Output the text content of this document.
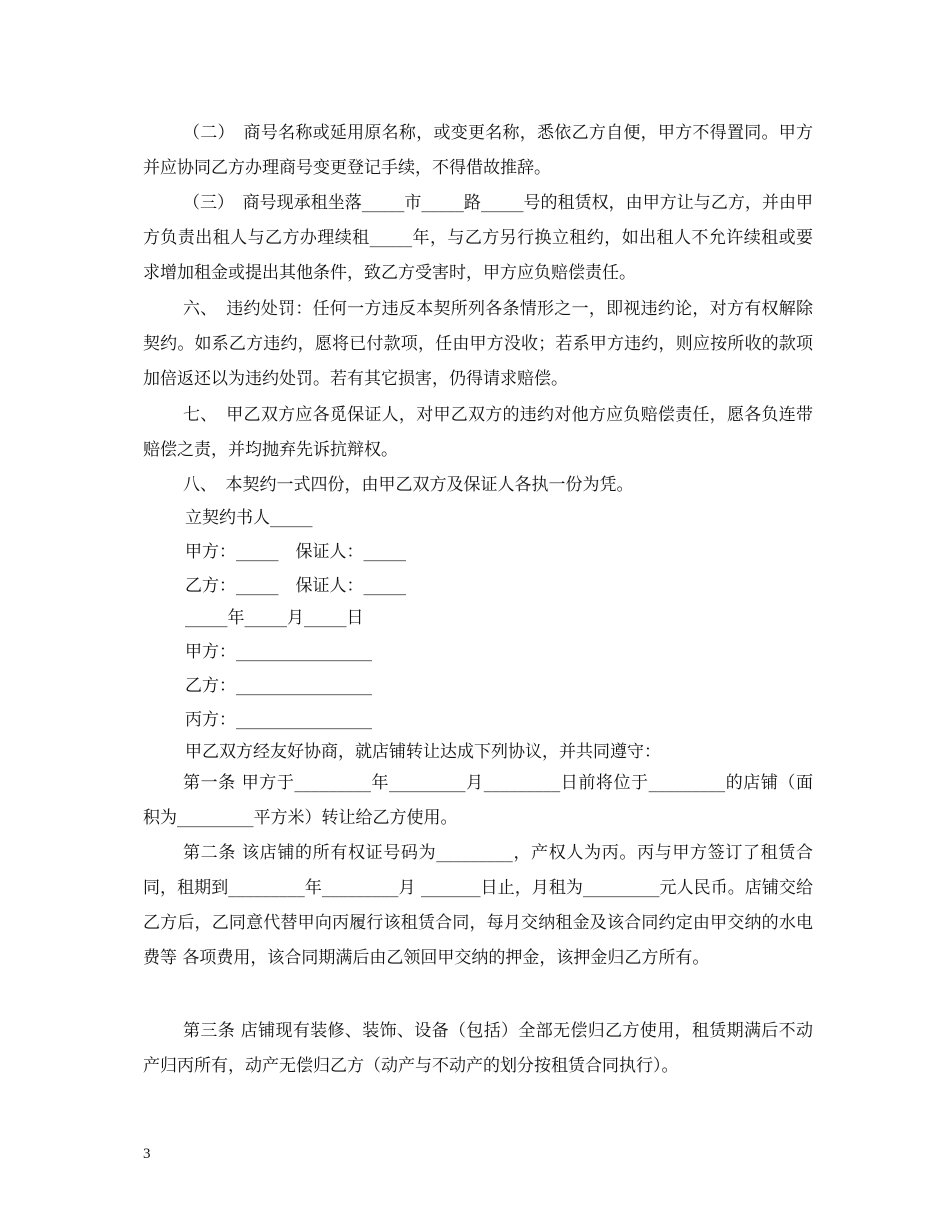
（二）　商号名称或延用原名称，或变更名称，悉依乙方自便，甲方不得置同。甲方并应协同乙方办理商号变更登记手续，不得借故推辞。

（三）　商号现承租坐落_____市_____路_____号的租赁权，由甲方让与乙方，并由甲方负责出租人与乙方办理续租_____年，与乙方另行换立租约，如出租人不允许续租或要求增加租金或提出其他条件，致乙方受害时，甲方应负赔偿责任。

六、　违约处罚：任何一方违反本契所列各条情形之一，即视违约论，对方有权解除契约。如系乙方违约，愿将已付款项，任由甲方没收；若系甲方违约，则应按所收的款项加倍返还以为违约处罚。若有其它损害，仍得请求赔偿。

七、　甲乙双方应各觅保证人，对甲乙双方的违约对他方应负赔偿责任，愿各负连带赔偿之责，并均抛弃先诉抗辩权。

八、　本契约一式四份，由甲乙双方及保证人各执一份为凭。

立契约书人_____
甲方：_____　保证人：_____
乙方：_____　保证人：_____
_____年_____月_____日
甲方：________________
乙方：________________
丙方：________________
甲乙双方经友好协商，就店铺转让达成下列协议，并共同遵守：

第一条 甲方于_________年_________月_________日前将位于_________的店铺（面积为_________平方米）转让给乙方使用。

第二条 该店铺的所有权证号码为_________，产权人为丙。丙与甲方签订了租赁合同，租期到_________年_________月 _______日止，月租为_________元人民币。店铺交给乙方后，乙同意代替甲向丙履行该租赁合同，每月交纳租金及该合同约定由甲交纳的水电费等 各项费用，该合同期满后由乙领回甲交纳的押金，该押金归乙方所有。

第三条 店铺现有装修、装饰、设备（包括）全部无偿归乙方使用，租赁期满后不动产归丙所有，动产无偿归乙方（动产与不动产的划分按租赁合同执行）。

3
